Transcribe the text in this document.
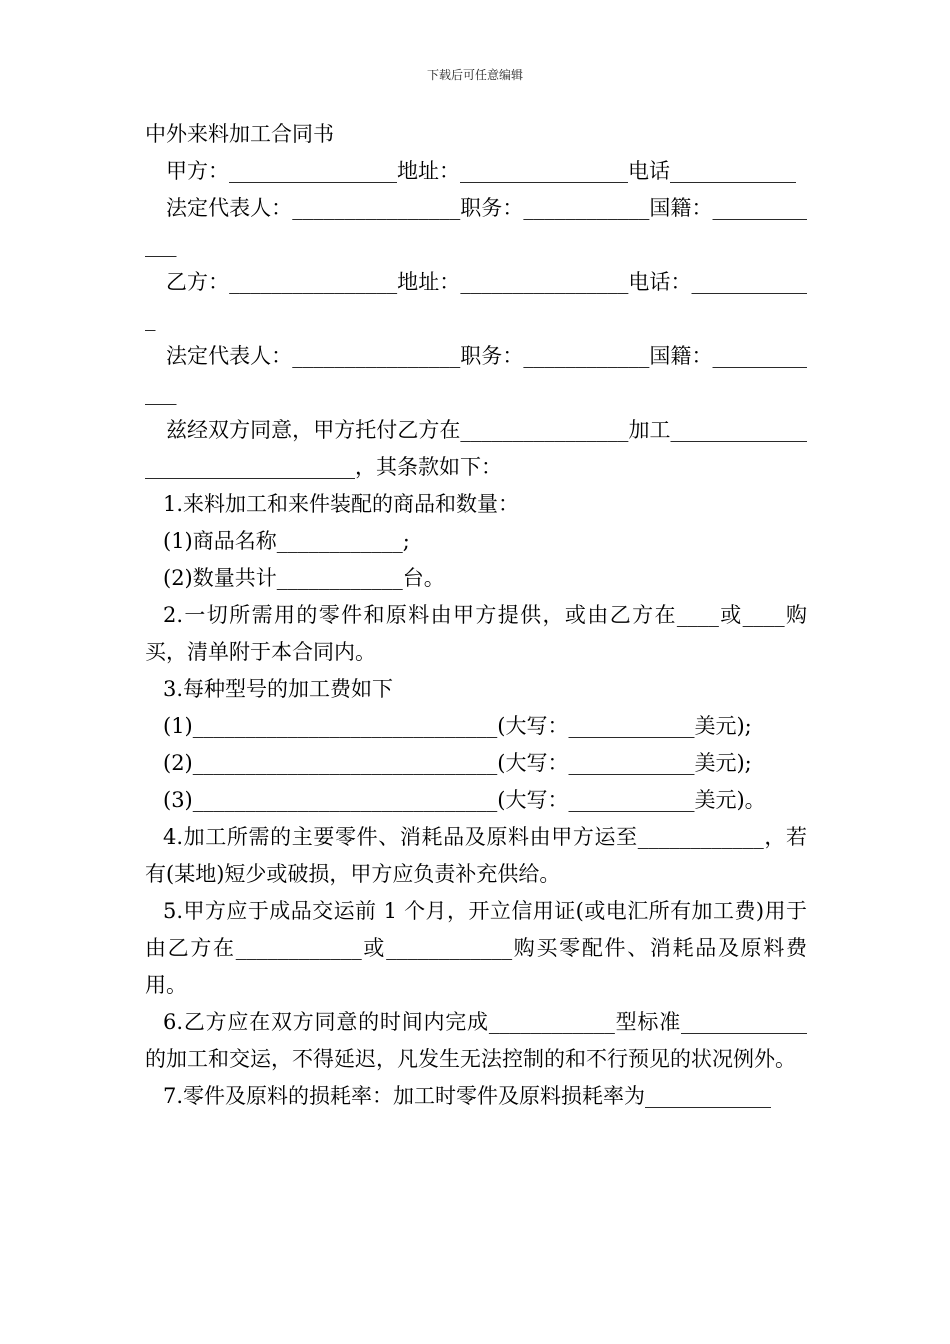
下载后可任意编辑

中外来料加工合同书

甲方：________________地址：________________电话____________

法定代表人：________________职务：____________国籍：____________

乙方：________________地址：________________电话：____________

法定代表人：________________职务：____________国籍：____________

兹经双方同意，甲方托付乙方在________________加工_________________________________，其条款如下：

1.来料加工和来件装配的商品和数量：

(1)商品名称____________;

(2)数量共计____________台。

2.一切所需用的零件和原料由甲方提供，或由乙方在____或____购买，清单附于本合同内。

3.每种型号的加工费如下

(1)_____________________________(大写：____________美元);

(2)_____________________________(大写：____________美元);

(3)_____________________________(大写：____________美元)。

4.加工所需的主要零件、消耗品及原料由甲方运至____________，若有(某地)短少或破损，甲方应负责补充供给。

5.甲方应于成品交运前 1 个月，开立信用证(或电汇所有加工费)用于由乙方在____________或____________购买零配件、消耗品及原料费用。

6.乙方应在双方同意的时间内完成____________型标准____________的加工和交运，不得延迟，凡发生无法控制的和不行预见的状况例外。

7.零件及原料的损耗率：加工时零件及原料损耗率为____________
